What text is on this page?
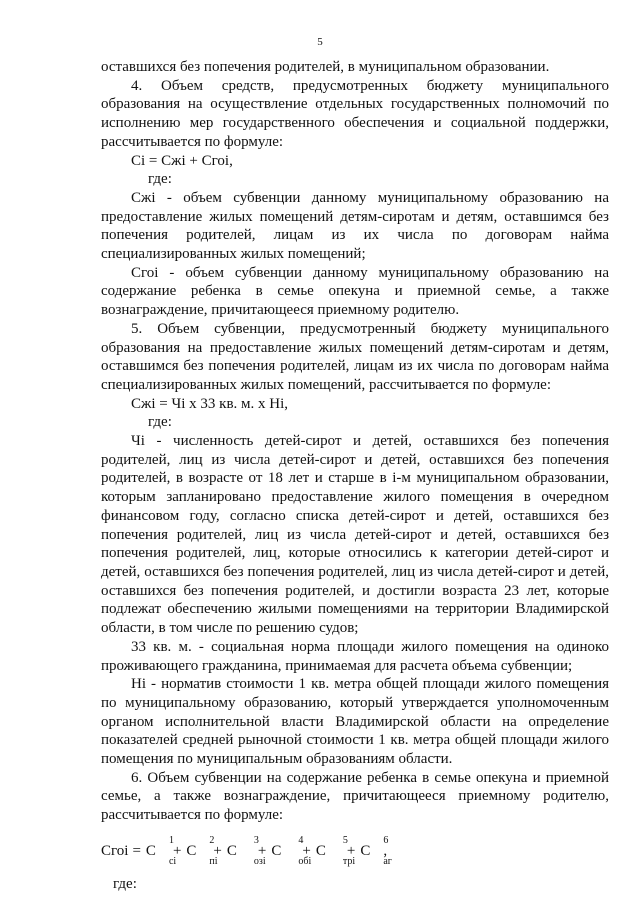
5

оставшихся без попечения родителей, в муниципальном образовании.

4. Объем средств, предусмотренных бюджету муниципального образования на осуществление отдельных государственных полномочий по исполнению мер государственного обеспечения и социальной поддержки, рассчитывается по формуле:

Ci = Cжi + Cгоi,

где:

Cжi - объем субвенции данному муниципальному образованию на предоставление жилых помещений детям-сиротам и детям, оставшимся без попечения родителей, лицам из их числа по договорам найма специализированных жилых помещений;

Cгоi - объем субвенции данному муниципальному образованию на содержание ребенка в семье опекуна и приемной семье, а также вознаграждение, причитающееся приемному родителю.

5. Объем субвенции, предусмотренный бюджету муниципального образования на предоставление жилых помещений детям-сиротам и детям, оставшимся без попечения родителей, лицам из их числа по договорам найма специализированных жилых помещений, рассчитывается по формуле:

Cжi = Чi x 33 кв. м. x Hi,

где:

Чi - численность детей-сирот и детей, оставшихся без попечения родителей, лиц из числа детей-сирот и детей, оставшихся без попечения родителей, в возрасте от 18 лет и старше в i-м муниципальном образовании, которым запланировано предоставление жилого помещения в очередном финансовом году, согласно списка детей-сирот и детей, оставшихся без попечения родителей, лиц из числа детей-сирот и детей, оставшихся без попечения родителей, лиц, которые относились к категории детей-сирот и детей, оставшихся без попечения родителей, лиц из числа детей-сирот и детей, оставшихся без попечения родителей, и достигли возраста 23 лет, которые подлежат обеспечению жилыми помещениями на территории Владимирской области, в том числе по решению судов;

33 кв. м. - социальная норма площади жилого помещения на одиноко проживающего гражданина, принимаемая для расчета объема субвенции;

Hi - норматив стоимости 1 кв. метра общей площади жилого помещения по муниципальному образованию, который утверждается уполномоченным органом исполнительной власти Владимирской области на определение показателей средней рыночной стоимости 1 кв. метра общей площади жилого помещения по муниципальным образованиям области.

6. Объем субвенции на содержание ребенка в семье опекуна и приемной семье, а также вознаграждение, причитающееся приемному родителю, рассчитывается по формуле:

Cгоi = C
1
ci
+ C
2
пi
+ C
3
озi
+ C
4
обi
+ C
5
трi
+ C
6
аг
,

где:
